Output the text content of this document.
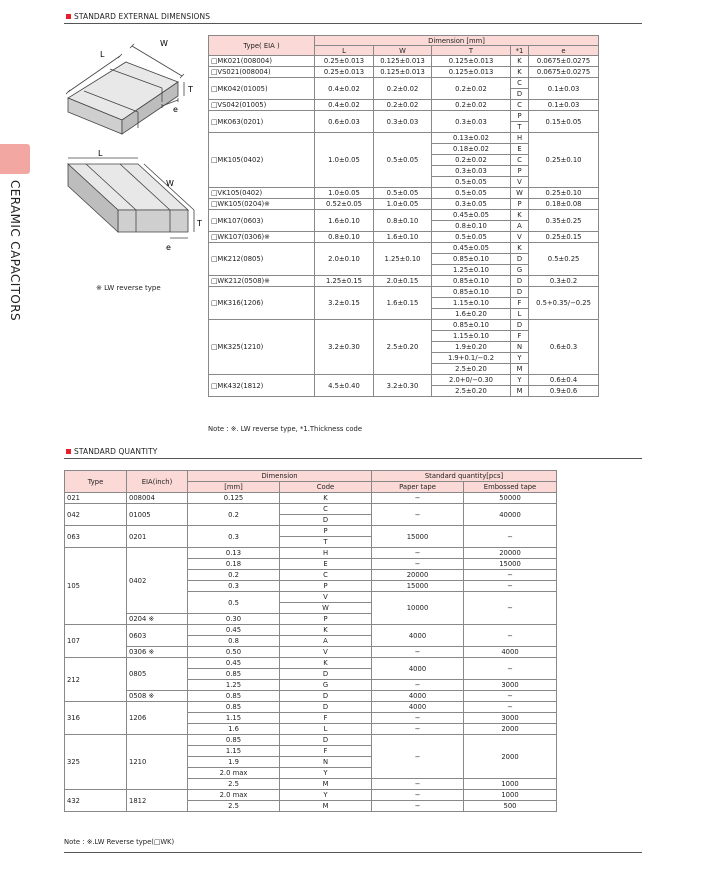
CERAMIC CAPACITORS
STANDARD EXTERNAL DIMENSIONS
L
W
T
e
L
W
T
e
※ LW reverse type
Type( EIA )	Dimension [mm]				
	L	W	T	*1	e
□MK021(008004)	0.25±0.013	0.125±0.013	0.125±0.013	K	0.0675±0.0275
□VS021(008004)	0.25±0.013	0.125±0.013	0.125±0.013	K	0.0675±0.0275
□MK042(01005)	0.4±0.02	0.2±0.02	0.2±0.02	C	0.1±0.03
				D	
□VS042(01005)	0.4±0.02	0.2±0.02	0.2±0.02	C	0.1±0.03
□MK063(0201)	0.6±0.03	0.3±0.03	0.3±0.03	P	0.15±0.05
				T	
□MK105(0402)	1.0±0.05	0.5±0.05	0.13±0.02	H	0.25±0.10
			0.18±0.02	E	
			0.2±0.02	C	
			0.3±0.03	P	
			0.5±0.05	V	
□VK105(0402)	1.0±0.05	0.5±0.05	0.5±0.05	W	0.25±0.10
□WK105(0204)※	0.52±0.05	1.0±0.05	0.3±0.05	P	0.18±0.08
□MK107(0603)	1.6±0.10	0.8±0.10	0.45±0.05	K	0.35±0.25
			0.8±0.10	A	
□WK107(0306)※	0.8±0.10	1.6±0.10	0.5±0.05	V	0.25±0.15
□MK212(0805)	2.0±0.10	1.25±0.10	0.45±0.05	K	0.5±0.25
			0.85±0.10	D	
			1.25±0.10	G	
□WK212(0508)※	1.25±0.15	2.0±0.15	0.85±0.10	D	0.3±0.2
□MK316(1206)	3.2±0.15	1.6±0.15	0.85±0.10	D	0.5+0.35/−0.25
			1.15±0.10	F	
			1.6±0.20	L	
□MK325(1210)	3.2±0.30	2.5±0.20	0.85±0.10	D	0.6±0.3
			1.15±0.10	F	
			1.9±0.20	N	
			1.9+0.1/−0.2	Y	
			2.5±0.20	M	
□MK432(1812)	4.5±0.40	3.2±0.30	2.0+0/−0.30	Y	0.6±0.4
			2.5±0.20	M	0.9±0.6
Note : ※. LW reverse type, *1.Thickness code
STANDARD QUANTITY
Type	EIA(inch)	Dimension		Standard quantity[pcs]	
		[mm]	Code	Paper tape	Embossed tape
021	008004	0.125	K	−	50000
042	01005	0.2	C	−	40000
			D		
063	0201	0.3	P	15000	−
			T		
105	0402	0.13	H	−	20000
		0.18	E	−	15000
		0.2	C	20000	−
		0.3	P	15000	−
		0.5	V	10000	−
			W		
	0204 ※	0.30	P		
107	0603	0.45	K	4000	−
		0.8	A		
	0306 ※	0.50	V	−	4000
212	0805	0.45	K	4000	−
		0.85	D		
		1.25	G	−	3000
	0508 ※	0.85	D	4000	−
316	1206	0.85	D	4000	−
		1.15	F	−	3000
		1.6	L	−	2000
325	1210	0.85	D	−	2000
		1.15	F		
		1.9	N		
		2.0 max	Y		
		2.5	M	−	1000
432	1812	2.0 max	Y	−	1000
		2.5	M	−	500
Note : ※.LW Reverse type(□WK)
